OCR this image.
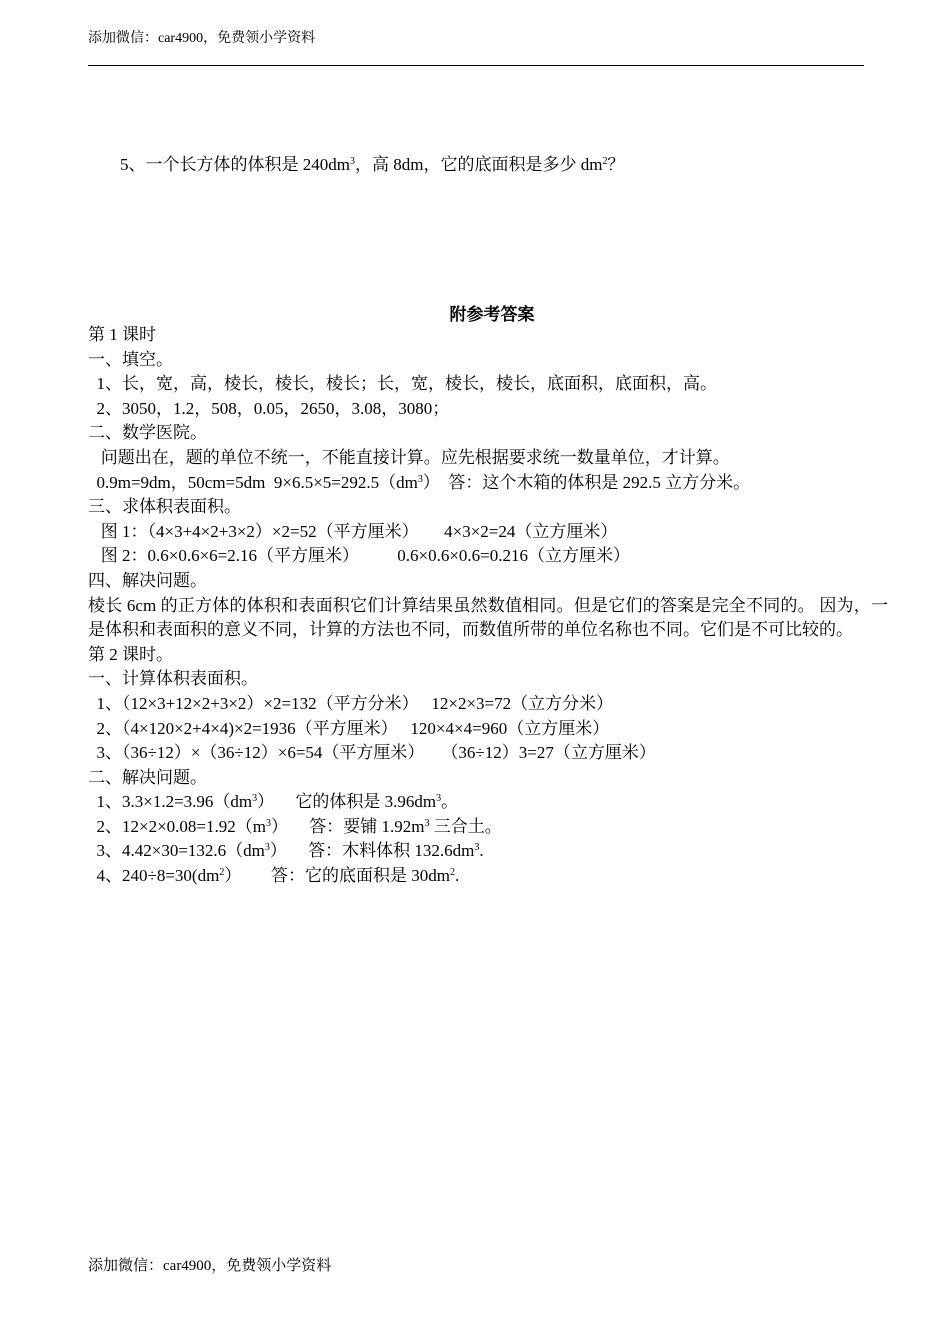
添加微信：car4900，免费领小学资料
5、一个长方体的体积是 $240dm^3$，高 8dm，它的底面积是多少 $dm^2$？
附参考答案
第 1 课时
一、填空。
1、长，宽，高，棱长，棱长，棱长；长，宽，棱长，棱长，底面积，底面积，高。
2、3050，1.2，508，0.05，2650，3.08，3080；
二、数学医院。
问题出在，题的单位不统一，不能直接计算。应先根据要求统一数量单位，才计算。
0.9m=9dm，50cm=5dm  $9\times 6.5\times 5=292.5(dm^3)$  答：这个木箱的体积是 292.5 立方分米。
三、求体积表面积。
图 1：（4×3+4×2+3×2）×2=52（平方厘米）      4×3×2=24（立方厘米）
图 2：0.6×0.6×6=2.16（平方厘米）         0.6×0.6×0.6=0.216（立方厘米）
四、解决问题。
棱长 6cm 的正方体的体积和表面积它们计算结果虽然数值相同。但是它们的答案是完全不同的。 因为，一是体积和表面积的意义不同，计算的方法也不同，而数值所带的单位名称也不同。它们是不可比较的。
第 2 课时。
一、计算体积表面积。
1、（12×3+12×2+3×2）×2=132（平方分米）   12×2×3=72（立方分米）
2、（4×120×2+4×4)×2=1936（平方厘米）   120×4×4=960（立方厘米）
3、（36÷12）×（36÷12）×6=54（平方厘米）    （36÷12）3=27（立方厘米）
二、解决问题。
1、$3.3\times 1.2=3.96(dm^3)$     它的体积是 $3.96dm^3$。
2、$12\times 2\times 0.08=1.92(m^3)$     答：要铺 $1.92m^3$ 三合土。
3、$4.42\times 30=132.6(dm^3)$     答：木料体积 $132.6dm^3$.
4、$240\div 8=30(dm^2)$       答：它的底面积是 $30dm^2$.
添加微信：car4900，免费领小学资料
